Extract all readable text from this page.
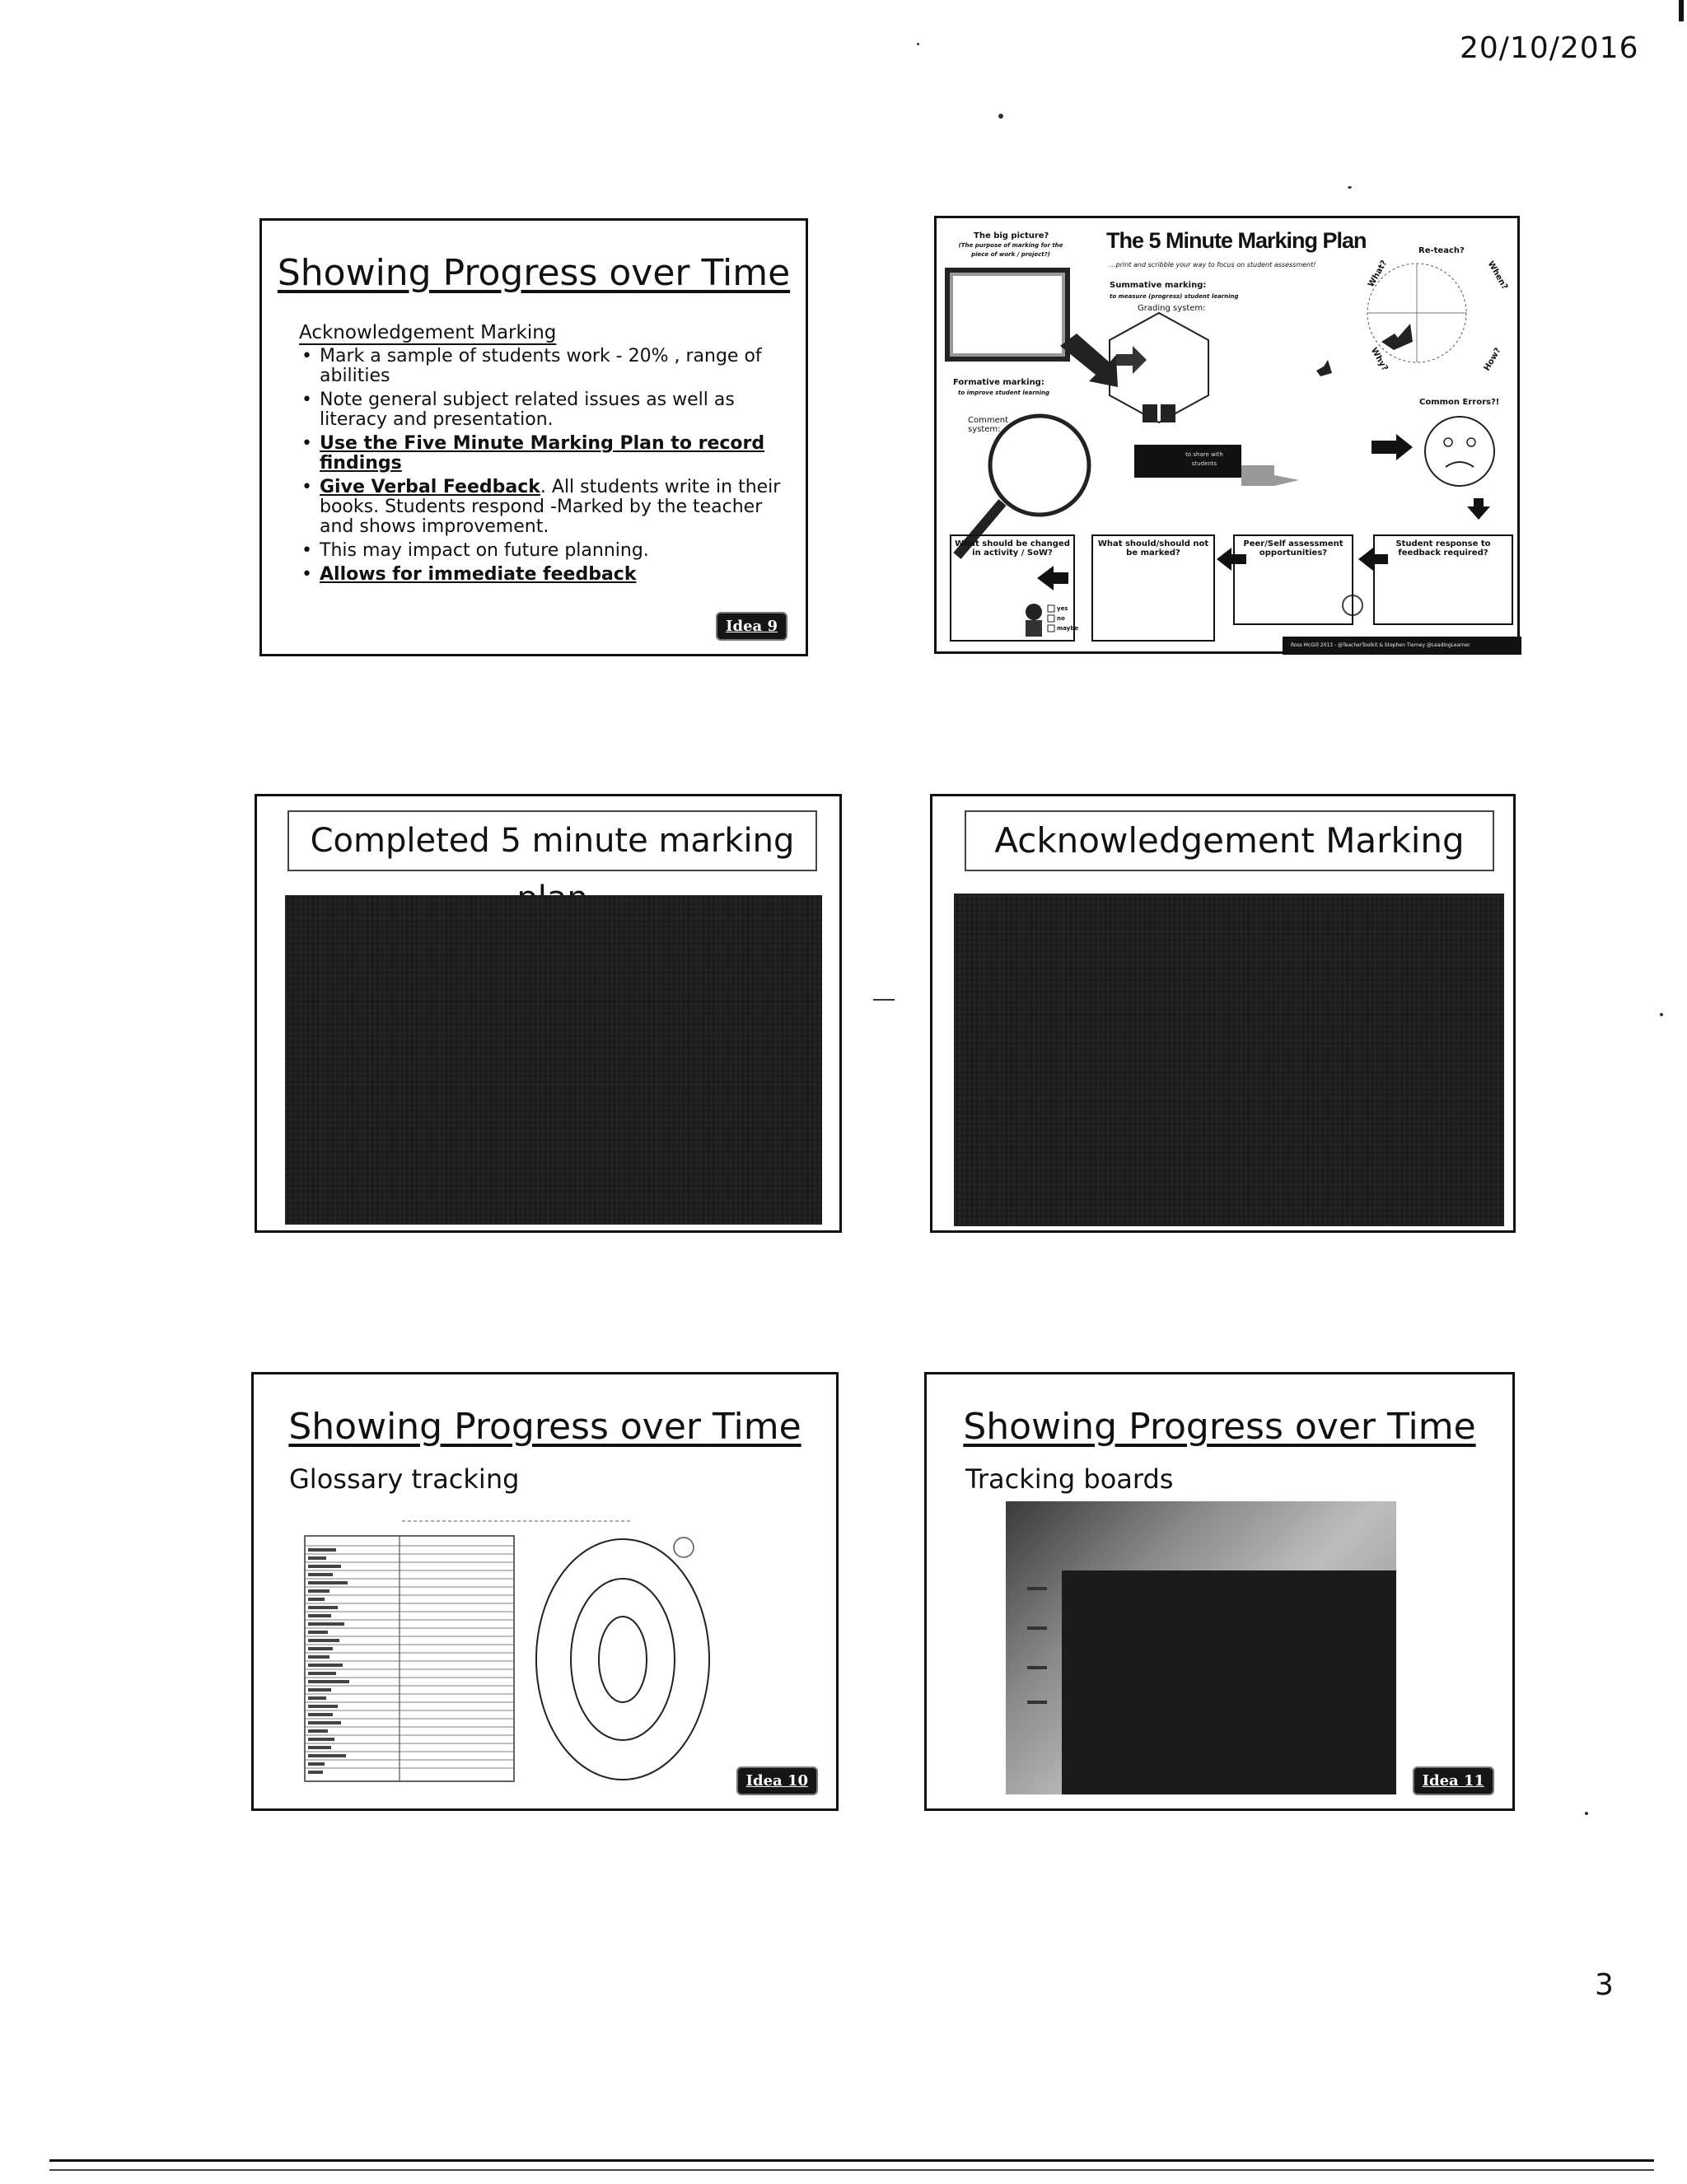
20/10/2016
3
Showing Progress over Time
Acknowledgement Marking
• Mark a sample of students work - 20% , range of abilities
• Note general subject related issues as well as literacy and presentation.
• Use the Five Minute Marking Plan to record findings
• Give Verbal Feedback. All students write in their books. Students respond -Marked by the teacher and shows improvement.
• This may impact on future planning.
• Allows for immediate feedback
Idea 9
The 5 Minute Marking Plan
...print and scribble your way to focus on student assessment!
The big picture?
(The purpose of marking for the piece of work / project?)
Summative marking:
to measure (progress) student learning
Grading system:
Formative marking:
to improve student learning
Comment system:
to share with students
Re-teach?
What?	When?
Why?	How?
Common Errors?!
What should be changed in activity / SoW?
What should/should not be marked?
Peer/Self assessment opportunities?
Student response to feedback required?
yes
no
maybe
Ross McGill 2013 - @TeacherToolkit & Stephen Tierney @LeadingLearner
Completed 5 minute marking	Acknowledgement Marking
Showing Progress over Time
Glossary tracking
Idea 10
Showing Progress over Time
Tracking boards
Idea 11
